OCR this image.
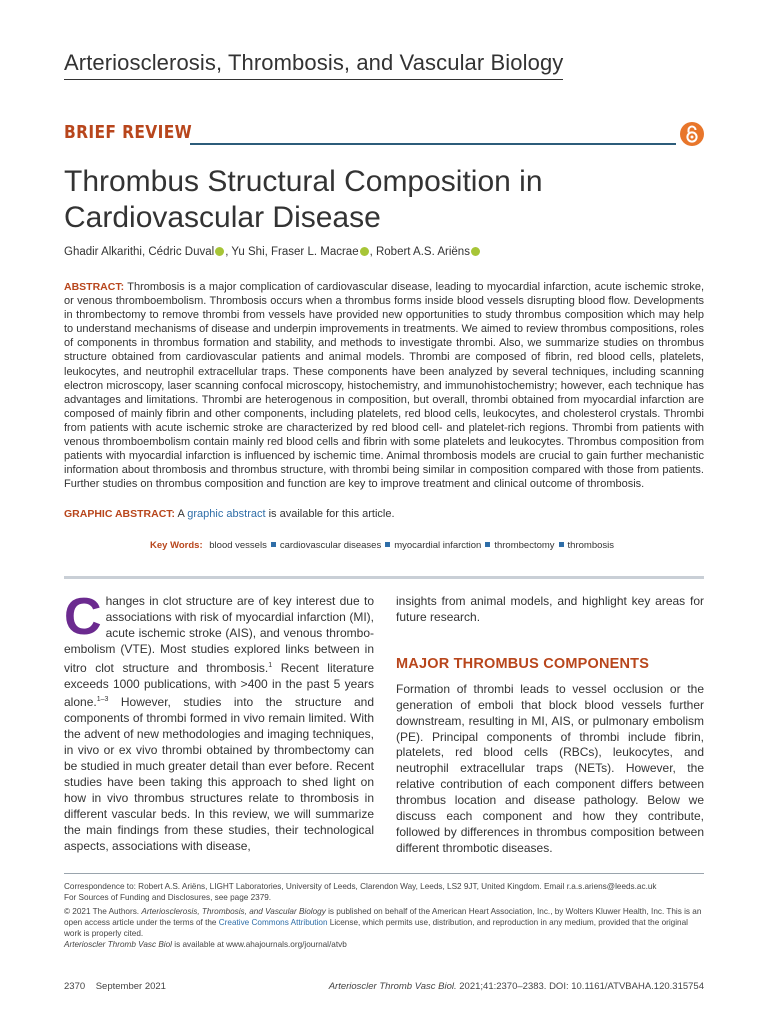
Arteriosclerosis, Thrombosis, and Vascular Biology
BRIEF REVIEW
Thrombus Structural Composition in
Cardiovascular Disease
Ghadir Alkarithi, Cédric Duval , Yu Shi, Fraser L. Macrae , Robert A.S. Ariëns

ABSTRACT: Thrombosis is a major complication of cardiovascular disease, leading to myocardial infarction, acute ischemic stroke, or venous thromboembolism. Thrombosis occurs when a thrombus forms inside blood vessels disrupting blood flow. Developments in thrombectomy to remove thrombi from vessels have provided new opportunities to study thrombus composition which may help to understand mechanisms of disease and underpin improvements in treatments. We aimed to review thrombus compositions, roles of components in thrombus formation and stability, and methods to investigate thrombi. Also, we summarize studies on thrombus structure obtained from cardiovascular patients and animal models. Thrombi are composed of fibrin, red blood cells, platelets, leukocytes, and neutrophil extracellular traps. These components have been analyzed by several techniques, including scanning electron microscopy, laser scanning confocal microscopy, histochemistry, and immunohistochemistry; however, each technique has advantages and limitations. Thrombi are heterogenous in composition, but overall, thrombi obtained from myocardial infarction are composed of mainly fibrin and other components, including platelets, red blood cells, leukocytes, and cholesterol crystals. Thrombi from patients with acute ischemic stroke are characterized by red blood cell- and platelet-rich regions. Thrombi from patients with venous thromboembolism contain mainly red blood cells and fibrin with some platelets and leukocytes. Thrombus composition from patients with myocardial infarction is influenced by ischemic time. Animal thrombosis models are crucial to gain further mechanistic information about thrombosis and thrombus structure, with thrombi being similar in composition compared with those from patients. Further studies on thrombus composition and function are key to improve treatment and clinical outcome of thrombosis.

GRAPHIC ABSTRACT: A graphic abstract is available for this article.
Key Words: blood vessels cardiovascular diseases myocardial infarction thrombectomy thrombosis

Changes in clot structure are of key interest due to associations with risk of myocardial infarction (MI), acute ischemic stroke (AIS), and venous thrombo-embolism (VTE). Most studies explored links between in vitro clot structure and thrombosis.$^1$ Recent literature exceeds 1000 publications, with >400 in the past 5 years alone.$^{1-3}$ However, studies into the structure and components of thrombi formed in vivo remain limited. With the advent of new methodologies and imaging techniques, in vivo or ex vivo thrombi obtained by thrombectomy can be studied in much greater detail than ever before. Recent studies have been taking this approach to shed light on how in vivo thrombus structures relate to thrombosis in different vascular beds. In this review, we will summarize the main findings from these studies, their technological aspects, associations with disease,

insights from animal models, and highlight key areas for future research.

MAJOR THROMBUS COMPONENTS

Formation of thrombi leads to vessel occlusion or the generation of emboli that block blood vessels further downstream, resulting in MI, AIS, or pulmonary embolism (PE). Principal components of thrombi include fibrin, platelets, red blood cells (RBCs), leukocytes, and neutrophil extracellular traps (NETs). However, the relative contribution of each component differs between thrombus location and disease pathology. Below we discuss each component and how they contribute, followed by differences in thrombus composition between different thrombotic diseases.

Correspondence to: Robert A.S. Ariëns, LIGHT Laboratories, University of Leeds, Clarendon Way, Leeds, LS2 9JT, United Kingdom. Email r.a.s.ariens@leeds.ac.uk

For Sources of Funding and Disclosures, see page 2379.

© 2021 The Authors. Arteriosclerosis, Thrombosis, and Vascular Biology is published on behalf of the American Heart Association, Inc., by Wolters Kluwer Health, Inc. This is an open access article under the terms of the Creative Commons Attribution License, which permits use, distribution, and reproduction in any medium, provided that the original work is properly cited.

Arterioscler Thromb Vasc Biol is available at www.ahajournals.org/journal/atvb

2370 September 2021	Arterioscler Thromb Vasc Biol. 2021;41:2370–2383. DOI: 10.1161/ATVBAHA.120.315754
